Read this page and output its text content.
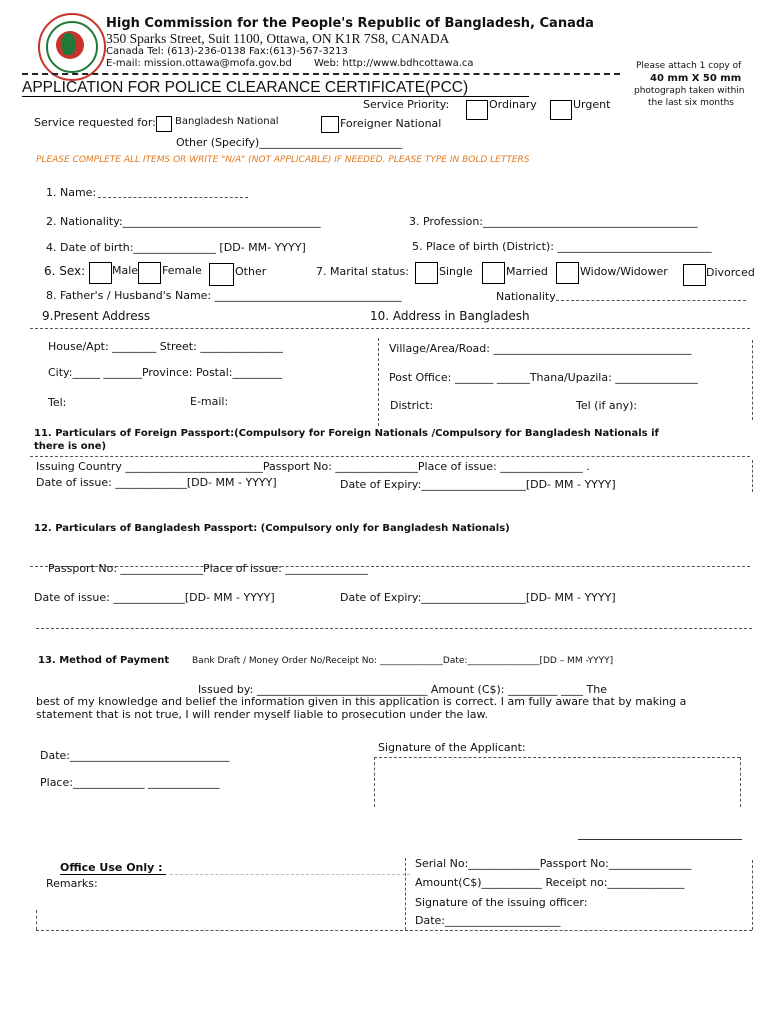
High Commission for the People's Republic of Bangladesh, Canada
350 Sparks Street, Suit 1100, Ottawa, ON K1R 7S8, CANADA
Canada Tel: (613)-236-0138 Fax:(613)-567-3213
E-mail: mission.ottawa@mofa.gov.bd Web: http://www.bdhcottawa.ca	Please attach 1 copy of
40 mm X 50 mm
photograph taken within
the last six months
APPLICATION FOR POLICE CLEARANCE CERTIFICATE(PCC)
Service Priority:	Ordinary	Urgent
Service requested for: Bangladesh National	Foreigner National
Other (Specify)__________________________
PLEASE COMPLETE ALL ITEMS OR WRITE "N/A" (NOT APPLICABLE) IF NEEDED. PLEASE TYPE IN BOLD LETTERS
1. Name:
2. Nationality:____________________________________	3. Profession:_______________________________________
4. Date of birth:_______________ [DD- MM- YYYY]	5. Place of birth (District): ____________________________
6. Sex: Male Female	Other	7. Marital status:	Single	Married	Widow/Widower	Divorced
8. Father's / Husband's Name: __________________________________	Nationality
9.Present Address	10. Address in Bangladesh
House/Apt: ________ Street: _______________
City:_____ _______Province: Postal:_________
Tel:	E-mail:
Village/Area/Road: ____________________________________
Post Office: _______ ______Thana/Upazila: _______________
District:	Tel (if any):
11. Particulars of Foreign Passport:(Compulsory for Foreign Nationals /Compulsory for Bangladesh Nationals if
there is one)
Issuing Country _________________________Passport No: _______________Place of issue: _______________ .
Date of issue: _____________[DD- MM - YYYY]	Date of Expiry:___________________[DD- MM - YYYY]
12. Particulars of Bangladesh Passport: (Compulsory only for Bangladesh Nationals)
Passport No: _______________Place of issue: _______________
Date of issue: _____________[DD- MM - YYYY]	Date of Expiry:___________________[DD- MM - YYYY]
13. Method of Payment	Bank Draft / Money Order No/Receipt No: ______________Date:________________[DD – MM -YYYY]
Issued by: _______________________________ Amount (C$): _________ ____ The
best of my knowledge and belief the information given in this application is correct. I am fully aware that by making a
statement that is not true, I will render myself liable to prosecution under the law.
Date:_____________________________
Place:_____________ _____________
Signature of the Applicant:
Office Use Only :
Remarks:
Serial No:_____________Passport No:_______________
Amount(C$)___________ Receipt no:______________
Signature of the issuing officer:
Date:_____________________
